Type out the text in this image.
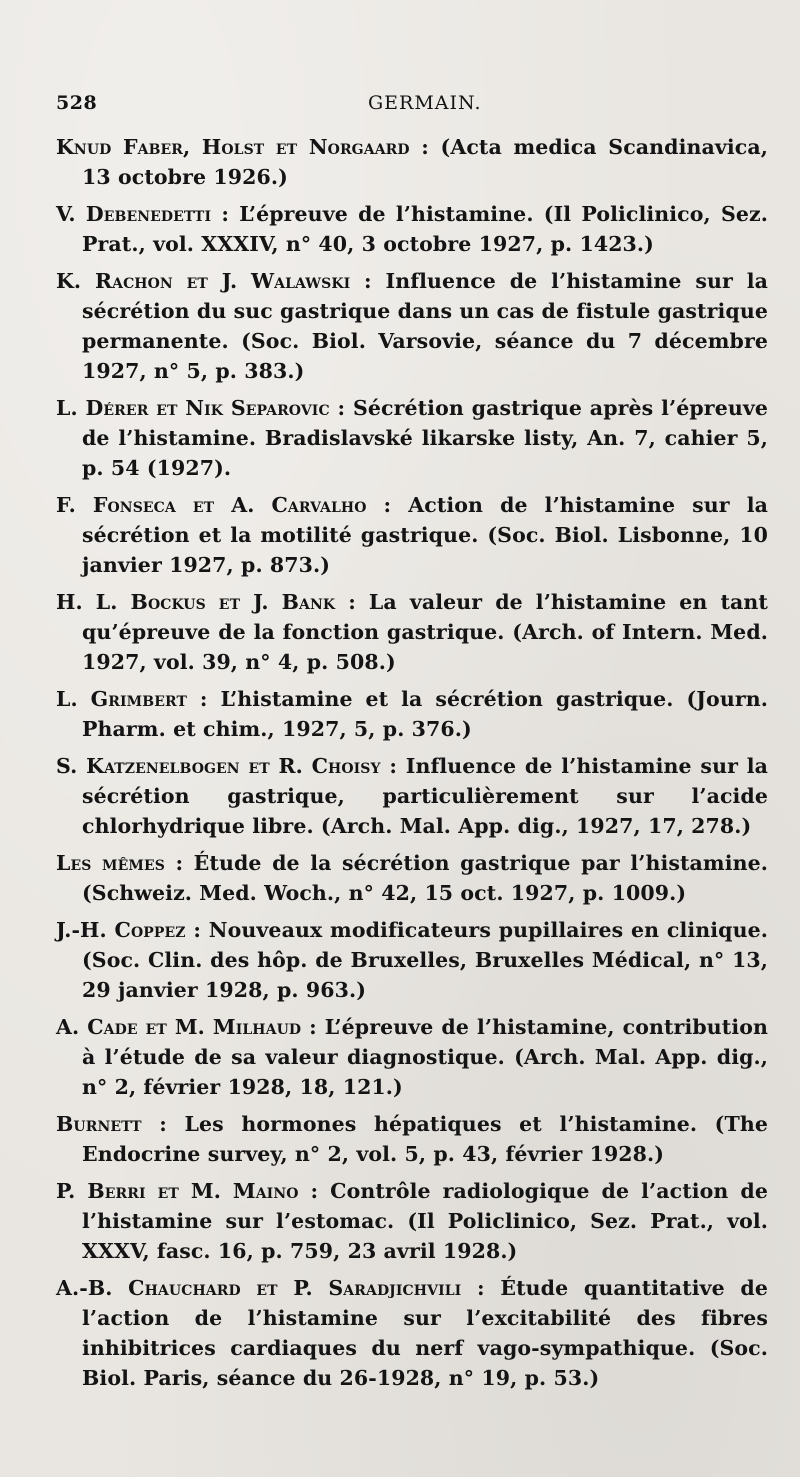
528	GERMAIN.

Knud Faber, Holst et Norgaard : (Acta medica Scandinavica, 13 octobre 1926.)

V. Debenedetti : L’épreuve de l’histamine. (Il Policlinico, Sez. Prat., vol. XXXIV, n° 40, 3 octobre 1927, p. 1423.)

K. Rachon et J. Walawski : Influence de l’histamine sur la sécrétion du suc gastrique dans un cas de fistule gastrique permanente. (Soc. Biol. Varsovie, séance du 7 décembre 1927, n° 5, p. 383.)

L. Dérer et Nik Separovic : Sécrétion gastrique après l’épreuve de l’histamine. Bradislavské likarske listy, An. 7, cahier 5, p. 54 (1927).

F. Fonseca et A. Carvalho : Action de l’histamine sur la sécrétion et la motilité gastrique. (Soc. Biol. Lisbonne, 10 janvier 1927, p. 873.)

H. L. Bockus et J. Bank : La valeur de l’histamine en tant qu’épreuve de la fonction gastrique. (Arch. of Intern. Med. 1927, vol. 39, n° 4, p. 508.)

L. Grimbert : L’histamine et la sécrétion gastrique. (Journ. Pharm. et chim., 1927, 5, p. 376.)

S. Katzenelbogen et R. Choisy : Influence de l’histamine sur la sécrétion gastrique, particulièrement sur l’acide chlorhydrique libre. (Arch. Mal. App. dig., 1927, 17, 278.)

Les mêmes : Étude de la sécrétion gastrique par l’histamine. (Schweiz. Med. Woch., n° 42, 15 oct. 1927, p. 1009.)

J.-H. Coppez : Nouveaux modificateurs pupillaires en clinique. (Soc. Clin. des hôp. de Bruxelles, Bruxelles Médical, n° 13, 29 janvier 1928, p. 963.)

A. Cade et M. Milhaud : L’épreuve de l’histamine, contribution à l’étude de sa valeur diagnostique. (Arch. Mal. App. dig., n° 2, février 1928, 18, 121.)

Burnett : Les hormones hépatiques et l’histamine. (The Endocrine survey, n° 2, vol. 5, p. 43, février 1928.)

P. Berri et M. Maino : Contrôle radiologique de l’action de l’histamine sur l’estomac. (Il Policlinico, Sez. Prat., vol. XXXV, fasc. 16, p. 759, 23 avril 1928.)

A.-B. Chauchard et P. Saradjichvili : Étude quantitative de l’action de l’histamine sur l’excitabilité des fibres inhibitrices cardiaques du nerf vago-sympathique. (Soc. Biol. Paris, séance du 26-1928, n° 19, p. 53.)
